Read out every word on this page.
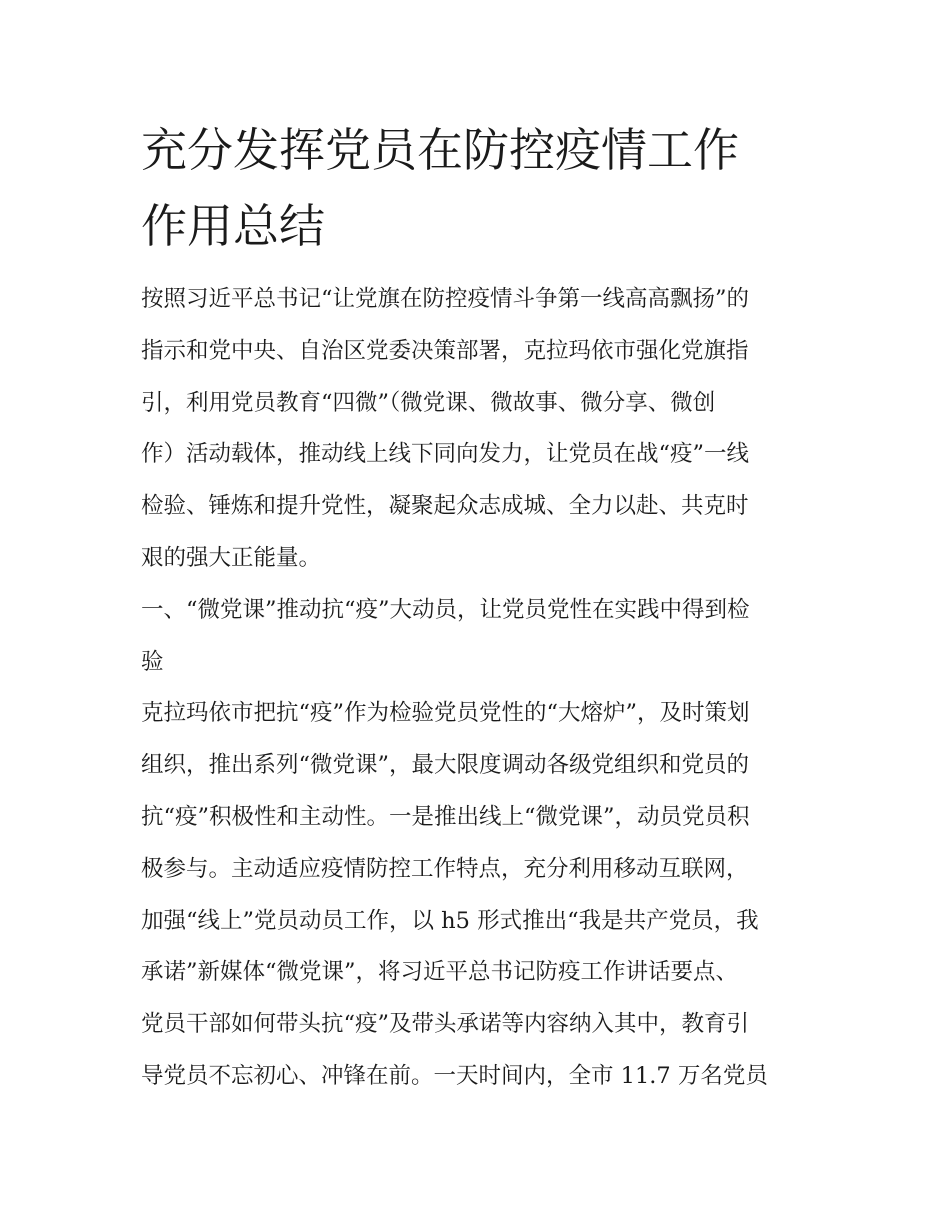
充分发挥党员在防控疫情工作
作用总结
按照习近平总书记“让党旗在防控疫情斗争第一线高高飘扬”的
指示和党中央、自治区党委决策部署，克拉玛依市强化党旗指
引，利用党员教育“四微”（微党课、微故事、微分享、微创
作）活动载体，推动线上线下同向发力，让党员在战“疫”一线
检验、锤炼和提升党性，凝聚起众志成城、全力以赴、共克时
艰的强大正能量。
一、“微党课”推动抗“疫”大动员，让党员党性在实践中得到检
验
克拉玛依市把抗“疫”作为检验党员党性的“大熔炉”，及时策划
组织，推出系列“微党课”，最大限度调动各级党组织和党员的
抗“疫”积极性和主动性。一是推出线上“微党课”，动员党员积
极参与。主动适应疫情防控工作特点，充分利用移动互联网，
加强“线上”党员动员工作，以 h5 形式推出“我是共产党员，我
承诺”新媒体“微党课”，将习近平总书记防疫工作讲话要点、
党员干部如何带头抗“疫”及带头承诺等内容纳入其中，教育引
导党员不忘初心、冲锋在前。一天时间内，全市 11.7 万名党员
